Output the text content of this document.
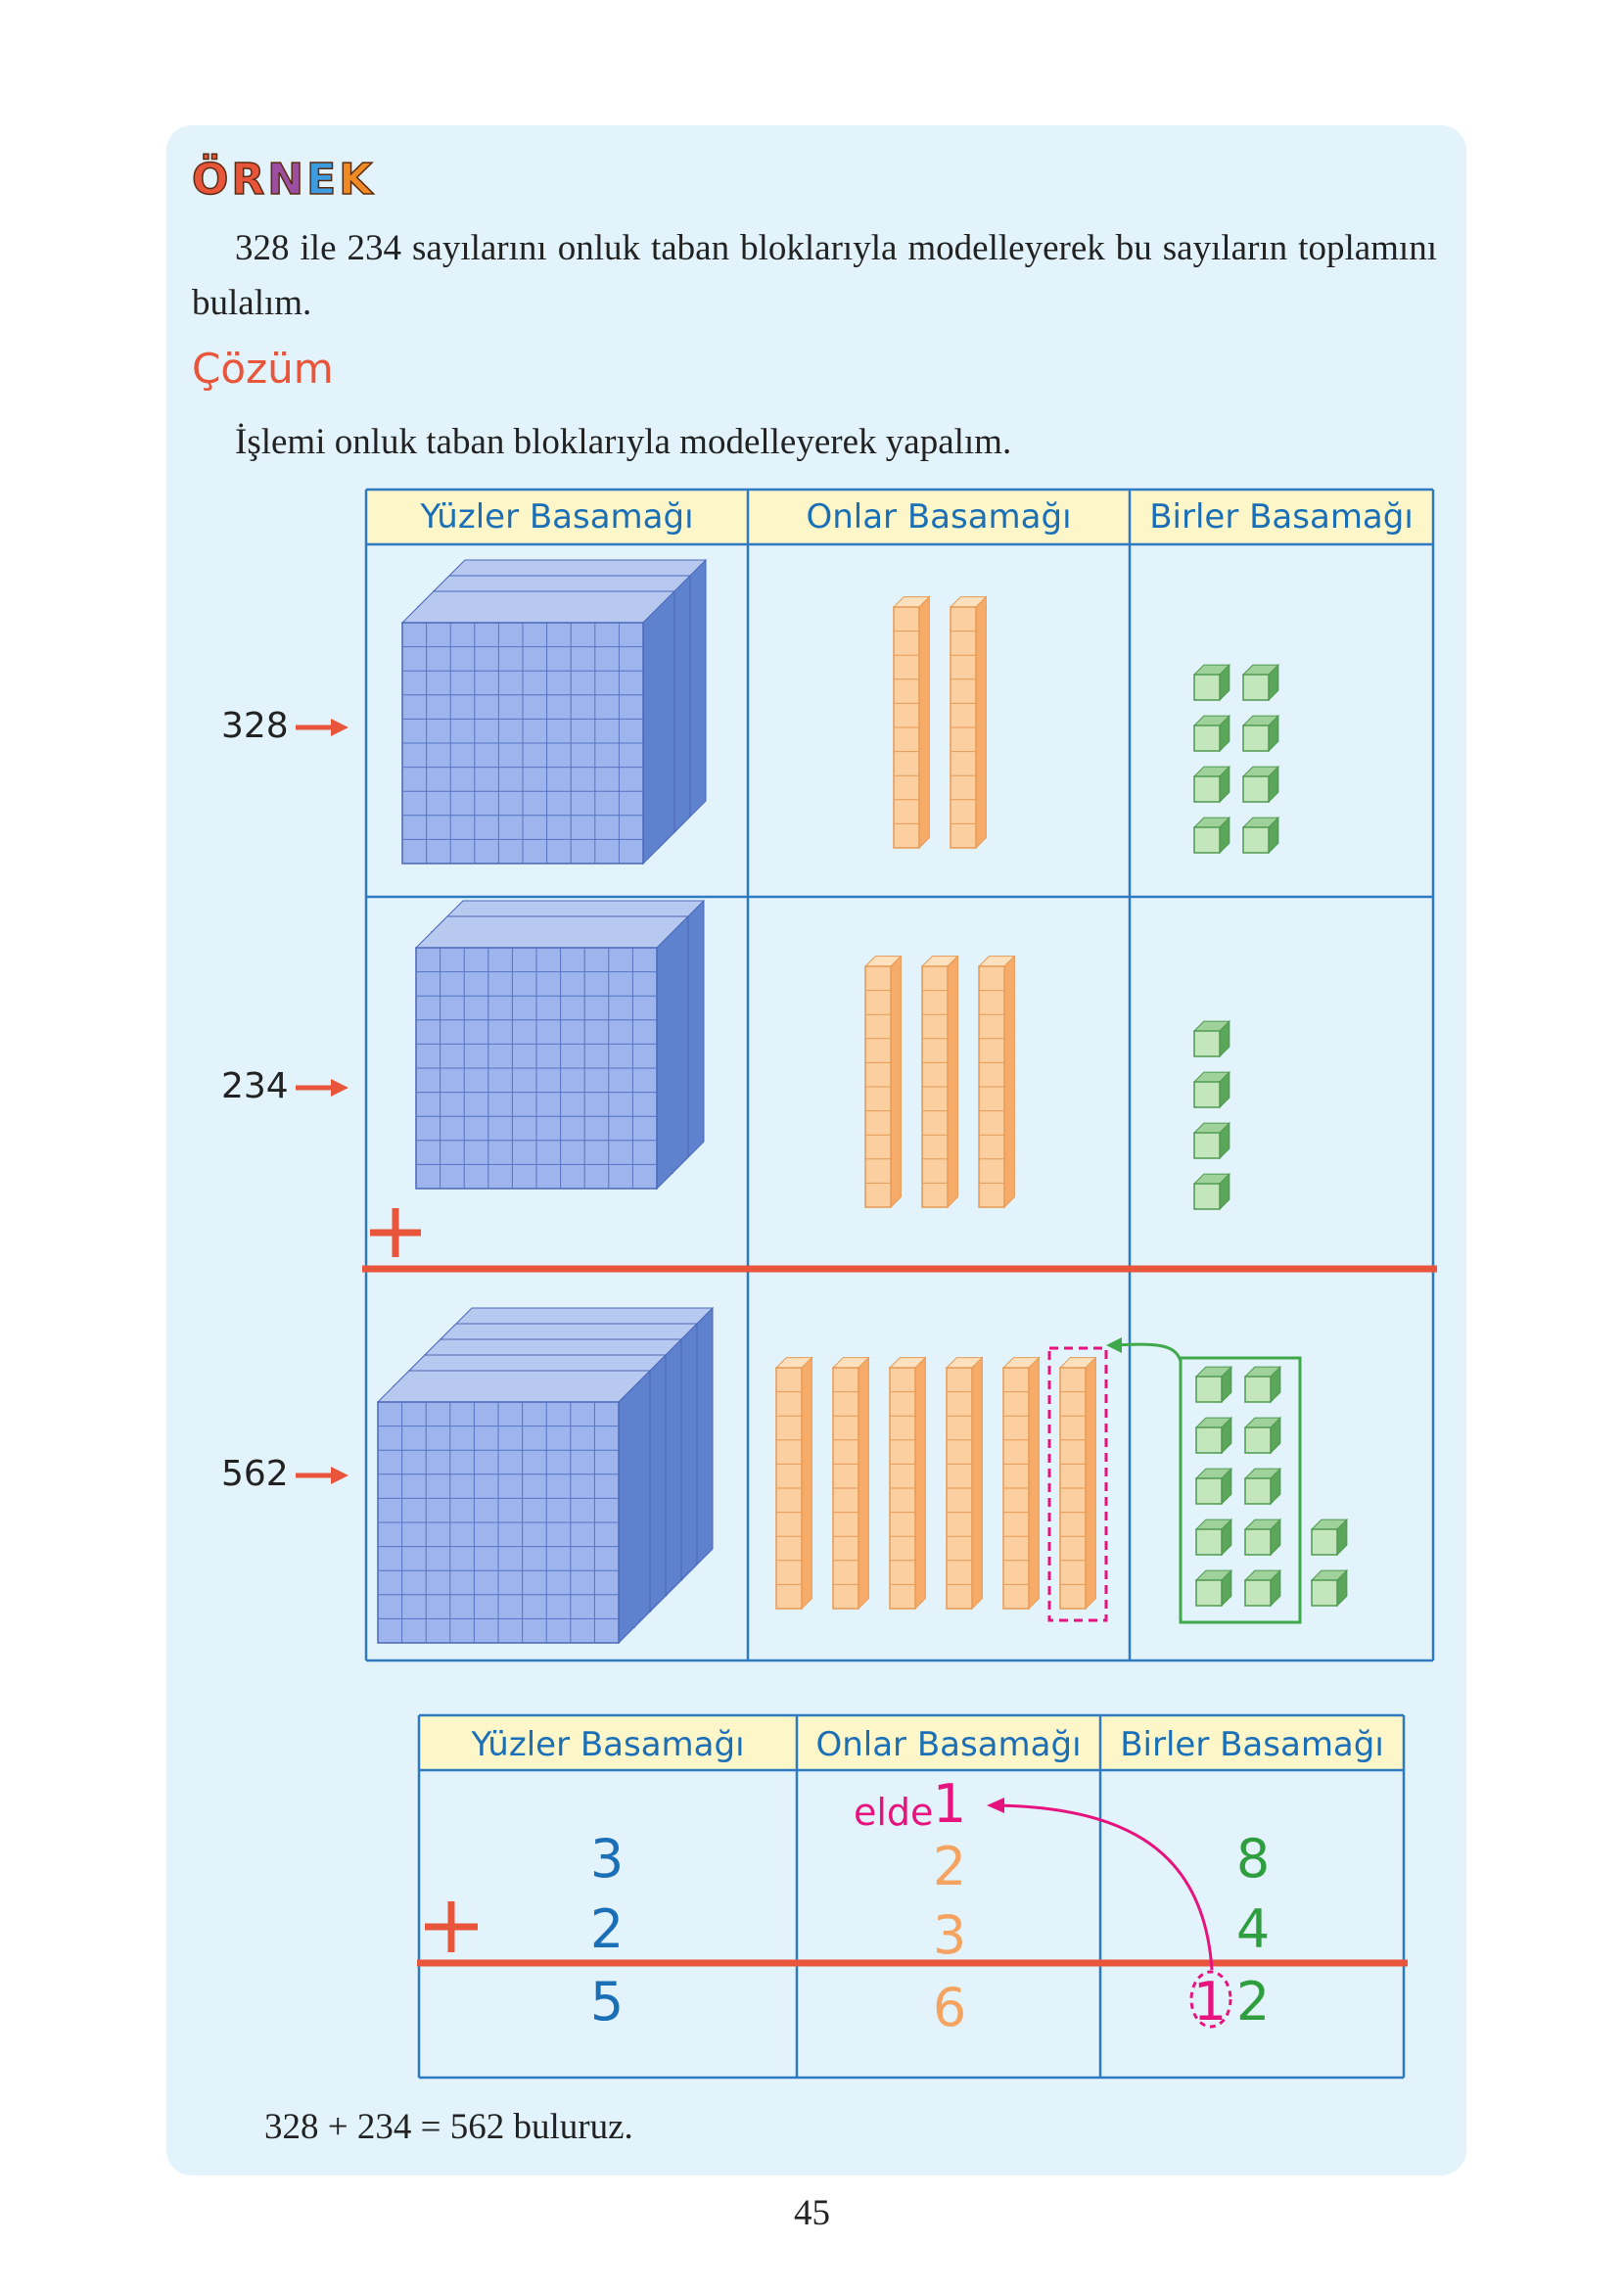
ÖRNEK
328 ile 234 sayılarını onluk taban bloklarıyla modelleyerek bu sayıların toplamını bulalım.
Çözüm
İşlemi onluk taban bloklarıyla modelleyerek yapalım.
Yüzler Basamağı	Onlar Basamağı	Birler Basamağı
328
234
562
Yüzler Basamağı	Onlar Basamağı	Birler Basamağı
elde 1
3	2	8
2	3	4
5	6	1 2
328 + 234 = 562 buluruz.
45
